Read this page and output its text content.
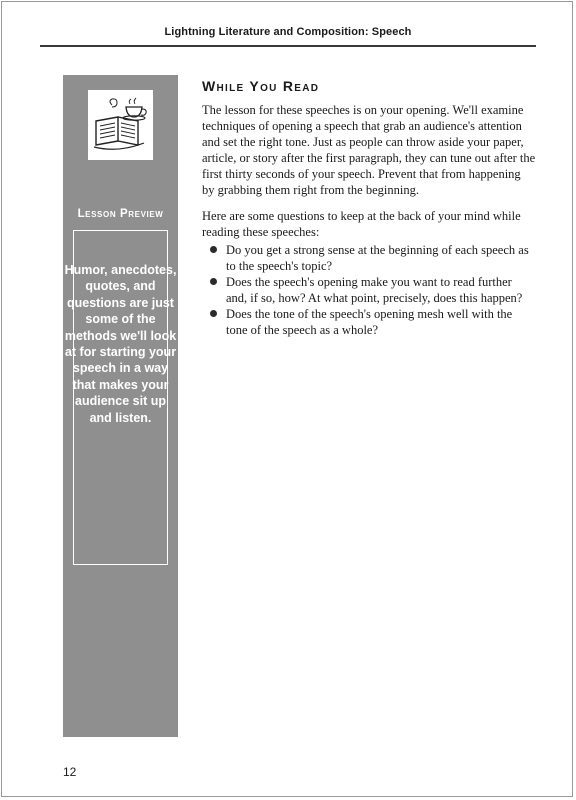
Lightning Literature and Composition: Speech
Lesson Preview
Humor, anecdotes, quotes, and questions are just some of the methods we'll look at for starting your speech in a way that makes your audience sit up and listen.
While You Read

The lesson for these speeches is on your opening. We'll examine techniques of opening a speech that grab an audience's attention and set the right tone. Just as people can throw aside your paper, article, or story after the first paragraph, they can tune out after the first thirty seconds of your speech. Prevent that from happening by grabbing them right from the beginning.

Here are some questions to keep at the back of your mind while reading these speeches:

Do you get a strong sense at the beginning of each speech as to the speech's topic?
Does the speech's opening make you want to read further and, if so, how? At what point, precisely, does this happen?
Does the tone of the speech's opening mesh well with the tone of the speech as a whole?
12
